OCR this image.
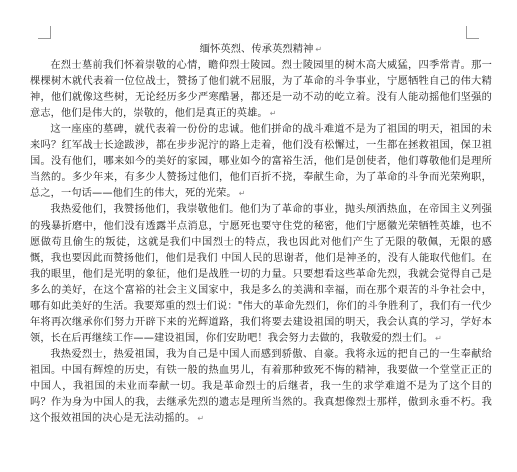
缅怀英烈、传承英烈精神 ↵

在烈士墓前我们怀着崇敬的心情，瞻仰烈士陵园。烈士陵园里的树木高大威猛，四季常青。那一棵棵树木就代表着一位位战士，赞扬了他们就不屈服，为了革命的斗争事业，宁愿牺牲自己的伟大精神，他们就像这些树，无论经历多少严寒酷暑，都还是一动不动的屹立着。没有人能动摇他们坚强的意志，他们是伟大的，崇敬的，他们是真正的英雄。 ↵

这一座座的墓碑，就代表着一份份的忠诚。他们拼命的战斗难道不是为了祖国的明天，祖国的未来吗？红军战士长途跋涉，都在步步泥泞的路上走着，他们没有松懈过，一生都在拯救祖国，保卫祖国。没有他们，哪来如今的美好的家园，哪业如今的富裕生活，他们是创使者，他们尊敬他们是理所当然的。多少年来，有多少人赞扬过他们，他们百折不挠，奉献生命，为了革命的斗争而光荣殉职，总之，一句话——他们生的伟大，死的光荣。 ↵

我热爱他们，我赞扬他们，我崇敬他们。他们为了革命的事业，抛头颅洒热血，在帝国主义列强的残暴折磨中，他们没有透露半点消息，宁愿死也要守住党的秘密，他们宁愿徽光荣牺牲英雄，也不愿做苟且偷生的叛徒，这就是我们中国烈士的特点，我也因此对他们产生了无限的敬佩，无限的感慨，我也要因此而赞扬他们，他们是我们 中国人民的思谢者，他们是神圣的，没有人能取代他们。在我的眼里，他们是光明的象征，他们是战胜一切的力量。只要想看这些革命先烈，我就会觉得自己是多么的美好，在这个富裕的社会主义国家中，我是多么的美满和幸福，而在那个艰苦的斗争社会中，哪有如此美好的生活。我要郑重的烈士们说："伟大的革命先烈们，你们的斗争胜利了，我们有一代少年将再次继承你们努力开辟下来的光辉道路，我们将要去建设祖国的明天，我会认真的学习，学好本领，长在后再继续工作——建设祖国，你们安助吧！我会努力去做的，我敬爱的烈士们。 ↵

我热爱烈士，热爱祖国，我为自己是中国人而感到骄傲、自豪。我将永远的把自己的一生奉献给祖国。中国有辉煌的历史，有铁一般的热血男儿，有着那种致死不悔的精神，我要做一个堂堂正正的中国人，我祖国的未业而奉献一切。我是革命烈士的后继者，我一生的求学难道不是为了这个目的吗？作为身为中国人的我，去继承先烈的遗志是理所当然的。我真想像烈士那样，傲到永垂不朽。我这个报效祖国的决心是无法动摇的。 ↵
